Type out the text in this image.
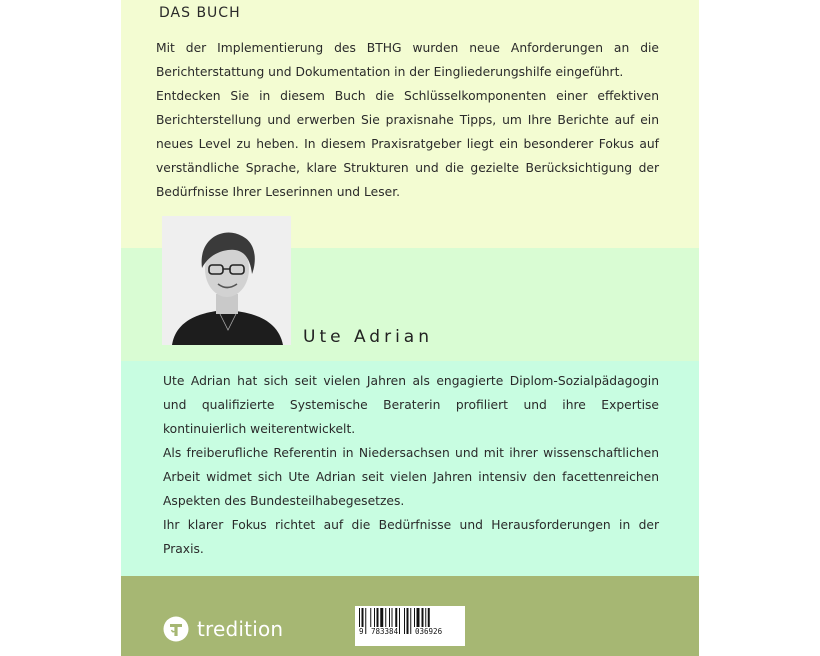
DAS BUCH

Mit der Implementierung des BTHG wurden neue Anforderungen an die Berichterstattung und Dokumentation in der Eingliederungshilfe eingeführt.

Entdecken Sie in diesem Buch die Schlüsselkomponenten einer effektiven Berichterstellung und erwerben Sie praxisnahe Tipps, um Ihre Berichte auf ein neues Level zu heben. In diesem Praxisratgeber liegt ein besonderer Fokus auf verständliche Sprache, klare Strukturen und die gezielte Berücksichtigung der Bedürfnisse Ihrer Leserinnen und Leser.

Ute Adrian

Ute Adrian hat sich seit vielen Jahren als engagierte Diplom-Sozialpädagogin und qualifizierte Systemische Beraterin profiliert und ihre Expertise kontinuierlich weiterentwickelt.

Als freiberufliche Referentin in Niedersachsen und mit ihrer wissenschaftlichen Arbeit widmet sich Ute Adrian seit vielen Jahren intensiv den facettenreichen Aspekten des Bundesteilhabegesetzes.

Ihr klarer Fokus richtet auf die Bedürfnisse und Herausforderungen in der Praxis.

tredition	9 783384 036926
